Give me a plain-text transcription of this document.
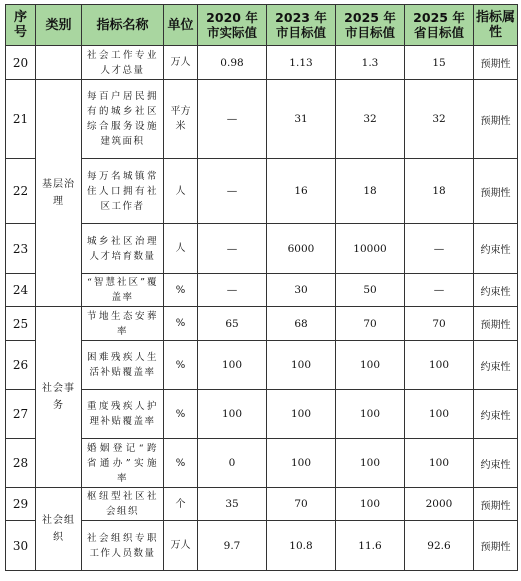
序号	类别	指标名称	单位	2020 年市实际值	2023 年市目标值	2025 年市目标值	2025 年省目标值	指标属性
20		社会工作专业人才总量	万人	0.98	1.13	1.3	15	预期性
21	基层治理	每百户居民拥有的城乡社区综合服务设施建筑面积	平方米	—	31	32	32	预期性
22		每万名城镇常住人口拥有社区工作者	人	—	16	18	18	预期性
23		城乡社区治理人才培育数量	人	—	6000	10000	—	约束性
24		“智慧社区”覆盖率	%	—	30	50	—	约束性
25	社会事务	节地生态安葬率	%	65	68	70	70	预期性
26		困难残疾人生活补贴覆盖率	%	100	100	100	100	约束性
27		重度残疾人护理补贴覆盖率	%	100	100	100	100	约束性
28		婚姻登记“跨省通办”实施率	%	0	100	100	100	约束性
29	社会组织	枢纽型社区社会组织	个	35	70	100	2000	预期性
30		社会组织专职工作人员数量	万人	9.7	10.8	11.6	92.6	预期性
